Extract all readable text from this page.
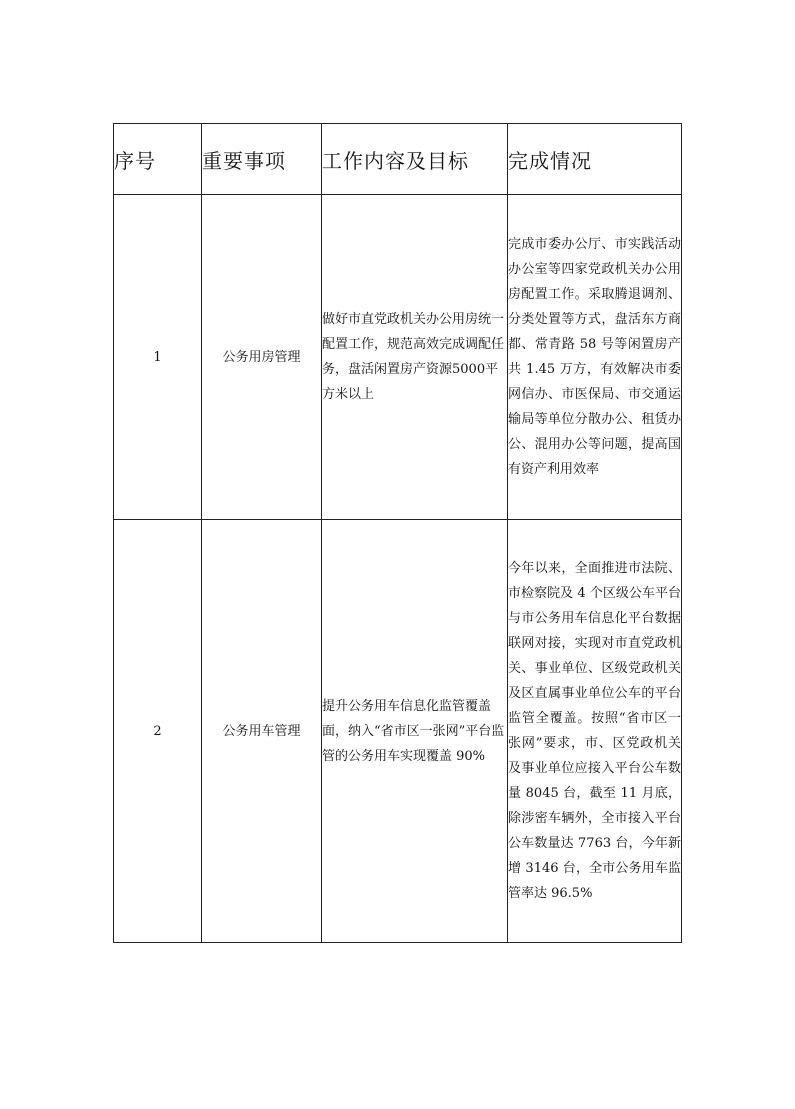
序号	重要事项	工作内容及目标	完成情况
1	公务用房管理	做好市直党政机关办公用房统一配置工作，规范高效完成调配任务，盘活闲置房产资源5000平方米以上	完成市委办公厅、市实践活动办公室等四家党政机关办公用房配置工作。采取腾退调剂、分类处置等方式，盘活东方商都、常青路 58 号等闲置房产共 1.45 万方，有效解决市委网信办、市医保局、市交通运输局等单位分散办公、租赁办公、混用办公等问题，提高国有资产利用效率
2	公务用车管理	提升公务用车信息化监管覆盖面，纳入“省市区一张网”平台监管的公务用车实现覆盖 90%	今年以来，全面推进市法院、市检察院及 4 个区级公车平台与市公务用车信息化平台数据联网对接，实现对市直党政机关、事业单位、区级党政机关及区直属事业单位公车的平台监管全覆盖。按照“省市区一张网”要求，市、区党政机关及事业单位应接入平台公车数量 8045 台，截至 11 月底，除涉密车辆外，全市接入平台公车数量达 7763 台，今年新增 3146 台，全市公务用车监管率达 96.5%
